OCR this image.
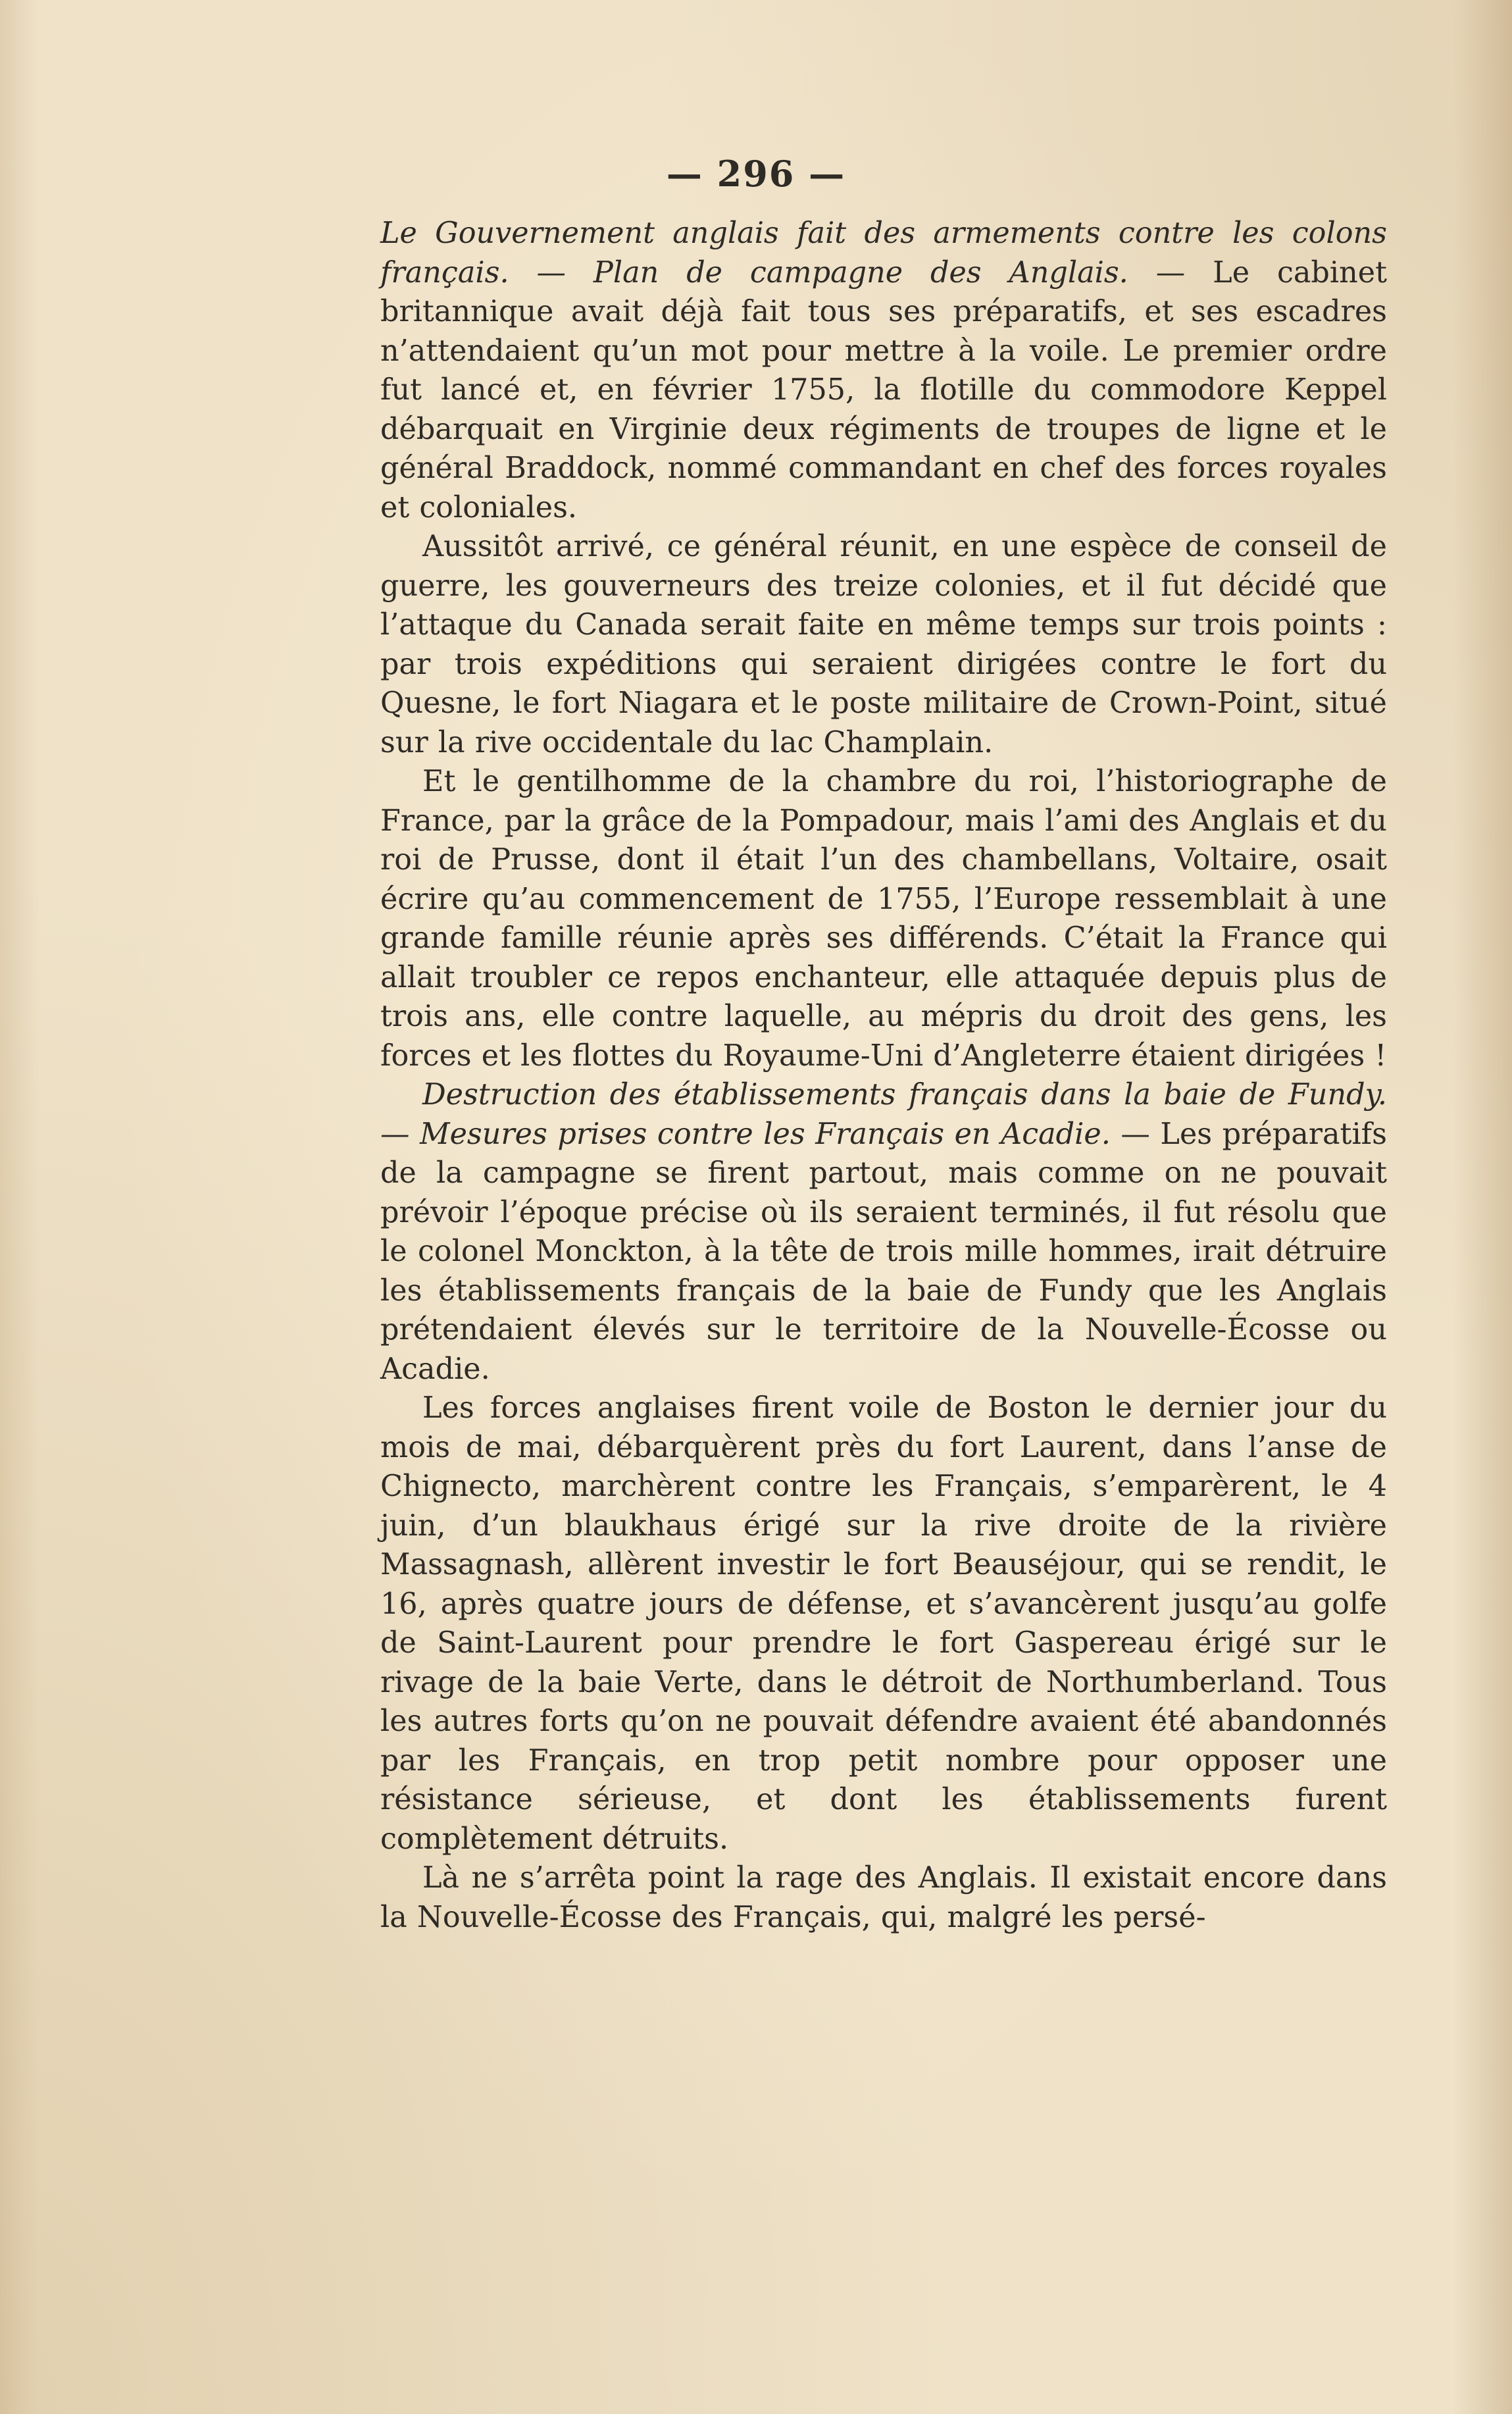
— 296 —

Le Gouvernement anglais fait des armements contre les colons français. — Plan de campagne des Anglais. — Le cabinet britannique avait déjà fait tous ses préparatifs, et ses escadres n’attendaient qu’un mot pour mettre à la voile. Le premier ordre fut lancé et, en février 1755, la flotille du commodore Keppel débarquait en Virginie deux régiments de troupes de ligne et le général Braddock, nommé commandant en chef des forces royales et coloniales.

Aussitôt arrivé, ce général réunit, en une espèce de conseil de guerre, les gouverneurs des treize colonies, et il fut décidé que l’attaque du Canada serait faite en même temps sur trois points : par trois expéditions qui seraient dirigées contre le fort du Quesne, le fort Niagara et le poste militaire de Crown-Point, situé sur la rive occidentale du lac Champlain.

Et le gentilhomme de la chambre du roi, l’historiographe de France, par la grâce de la Pompadour, mais l’ami des Anglais et du roi de Prusse, dont il était l’un des chambellans, Voltaire, osait écrire qu’au commencement de 1755, l’Europe ressemblait à une grande famille réunie après ses différends. C’était la France qui allait troubler ce repos enchanteur, elle attaquée depuis plus de trois ans, elle contre laquelle, au mépris du droit des gens, les forces et les flottes du Royaume-Uni d’Angleterre étaient dirigées !

Destruction des établissements français dans la baie de Fundy. — Mesures prises contre les Français en Acadie. — Les préparatifs de la campagne se firent partout, mais comme on ne pouvait prévoir l’époque précise où ils seraient terminés, il fut résolu que le colonel Monckton, à la tête de trois mille hommes, irait détruire les établissements français de la baie de Fundy que les Anglais prétendaient élevés sur le territoire de la Nouvelle-Écosse ou Acadie.

Les forces anglaises firent voile de Boston le dernier jour du mois de mai, débarquèrent près du fort Laurent, dans l’anse de Chignecto, marchèrent contre les Français, s’emparèrent, le 4 juin, d’un blaukhaus érigé sur la rive droite de la rivière Massagnash, allèrent investir le fort Beauséjour, qui se rendit, le 16, après quatre jours de défense, et s’avancèrent jusqu’au golfe de Saint-Laurent pour prendre le fort Gaspereau érigé sur le rivage de la baie Verte, dans le détroit de Northumberland. Tous les autres forts qu’on ne pouvait défendre avaient été abandonnés par les Français, en trop petit nombre pour opposer une résistance sérieuse, et dont les établissements furent complètement détruits.

Là ne s’arrêta point la rage des Anglais. Il existait encore dans la Nouvelle-Écosse des Français, qui, malgré les persé-
